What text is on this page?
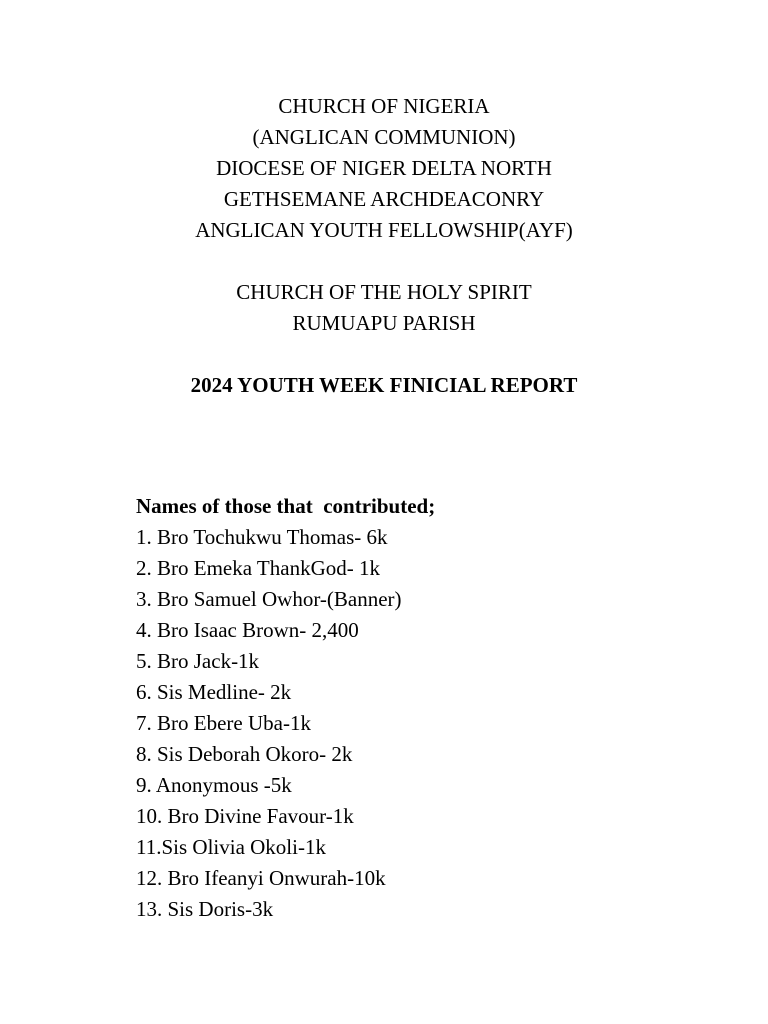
CHURCH OF NIGERIA
(ANGLICAN COMMUNION)
DIOCESE OF NIGER DELTA NORTH
GETHSEMANE ARCHDEACONRY
ANGLICAN YOUTH FELLOWSHIP(AYF)
CHURCH OF THE HOLY SPIRIT
RUMUAPU PARISH
2024 YOUTH WEEK FINICIAL REPORT
Names of those that  contributed;
1. Bro Tochukwu Thomas- 6k
2. Bro Emeka ThankGod- 1k
3. Bro Samuel Owhor-(Banner)
4. Bro Isaac Brown- 2,400
5. Bro Jack-1k
6. Sis Medline- 2k
7. Bro Ebere Uba-1k
8. Sis Deborah Okoro- 2k
9. Anonymous -5k
10. Bro Divine Favour-1k
11.Sis Olivia Okoli-1k
12. Bro Ifeanyi Onwurah-10k
13. Sis Doris-3k
